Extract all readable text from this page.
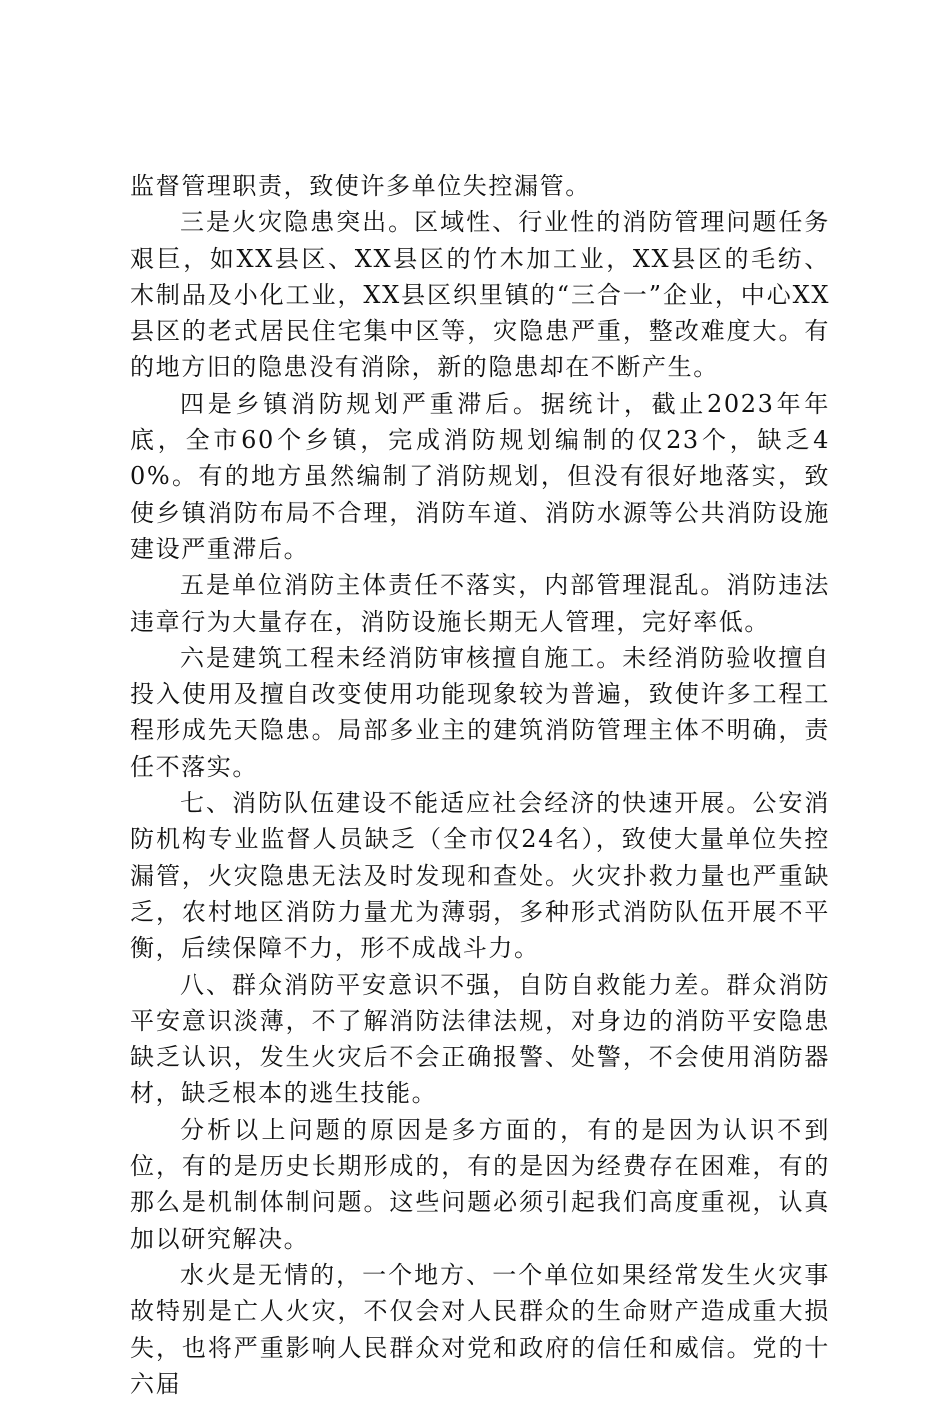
监督管理职责，致使许多单位失控漏管。

三是火灾隐患突出。区域性、行业性的消防管理问题任务艰巨，如XX县区、XX县区的竹木加工业，XX县区的毛纺、木制品及小化工业，XX县区织里镇的“三合一”企业，中心XX县区的老式居民住宅集中区等，灾隐患严重，整改难度大。有的地方旧的隐患没有消除，新的隐患却在不断产生。

四是乡镇消防规划严重滞后。据统计，截止2023年年底，全市60个乡镇，完成消防规划编制的仅23个，缺乏40%。有的地方虽然编制了消防规划，但没有很好地落实，致使乡镇消防布局不合理，消防车道、消防水源等公共消防设施建设严重滞后。

五是单位消防主体责任不落实，内部管理混乱。消防违法违章行为大量存在，消防设施长期无人管理，完好率低。

六是建筑工程未经消防审核擅自施工。未经消防验收擅自投入使用及擅自改变使用功能现象较为普遍，致使许多工程工程形成先天隐患。局部多业主的建筑消防管理主体不明确，责任不落实。

七、消防队伍建设不能适应社会经济的快速开展。公安消防机构专业监督人员缺乏（全市仅24名），致使大量单位失控漏管，火灾隐患无法及时发现和查处。火灾扑救力量也严重缺乏，农村地区消防力量尤为薄弱，多种形式消防队伍开展不平衡，后续保障不力，形不成战斗力。

八、群众消防平安意识不强，自防自救能力差。群众消防平安意识淡薄，不了解消防法律法规，对身边的消防平安隐患缺乏认识，发生火灾后不会正确报警、处警，不会使用消防器材，缺乏根本的逃生技能。

分析以上问题的原因是多方面的，有的是因为认识不到位，有的是历史长期形成的，有的是因为经费存在困难，有的那么是机制体制问题。这些问题必须引起我们高度重视，认真加以研究解决。

水火是无情的，一个地方、一个单位如果经常发生火灾事故特别是亡人火灾，不仅会对人民群众的生命财产造成重大损失，也将严重影响人民群众对党和政府的信任和威信。党的十六届
